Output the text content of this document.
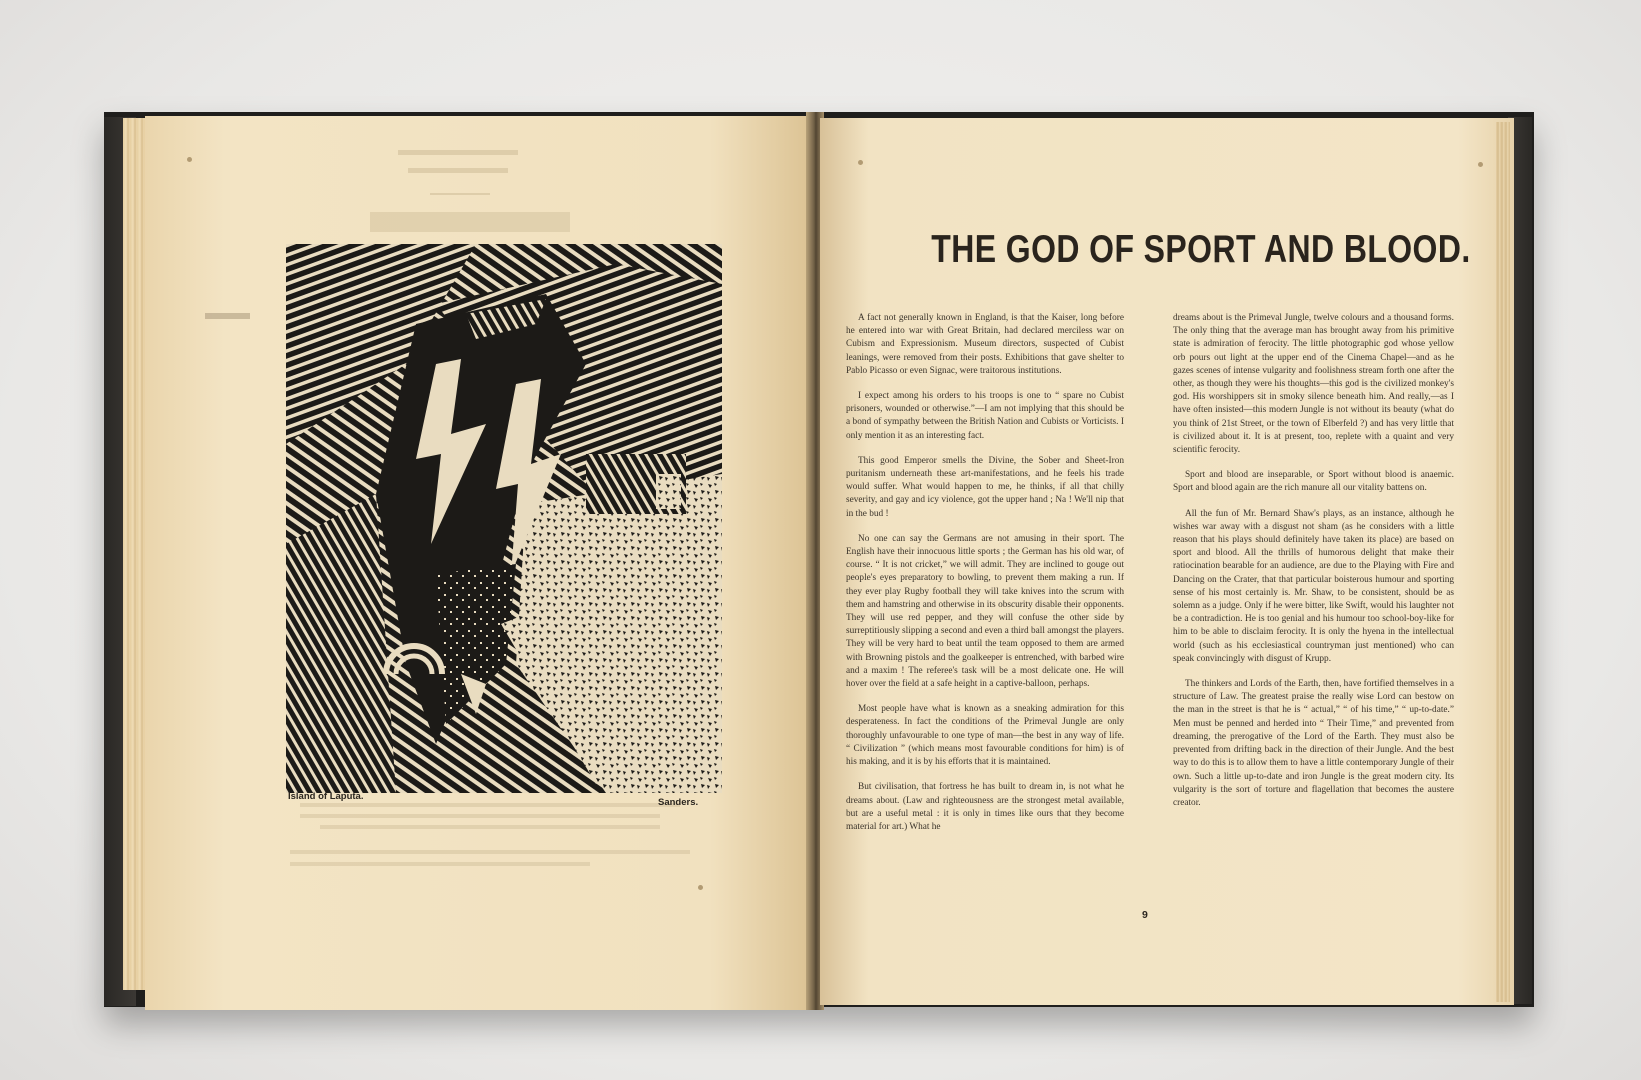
Island of Laputa.
Sanders.
THE GOD OF SPORT AND BLOOD.

A fact not generally known in England, is that the Kaiser, long before he entered into war with Great Britain, had declared merciless war on Cubism and Expressionism. Museum directors, suspected of Cubist leanings, were removed from their posts. Exhibitions that gave shelter to Pablo Picasso or even Signac, were traitorous institutions.

I expect among his orders to his troops is one to “ spare no Cubist prisoners, wounded or otherwise.”—I am not implying that this should be a bond of sympathy between the British Nation and Cubists or Vorticists. I only mention it as an interesting fact.

This good Emperor smells the Divine, the Sober and Sheet-Iron puritanism underneath these art-manifestations, and he feels his trade would suffer. What would happen to me, he thinks, if all that chilly severity, and gay and icy violence, got the upper hand ; Na ! We'll nip that in the bud !

No one can say the Germans are not amusing in their sport. The English have their innocuous little sports ; the German has his old war, of course. “ It is not cricket,” we will admit. They are inclined to gouge out people's eyes preparatory to bowling, to prevent them making a run. If they ever play Rugby football they will take knives into the scrum with them and hamstring and otherwise in its obscurity disable their opponents. They will use red pepper, and they will confuse the other side by surreptitiously slipping a second and even a third ball amongst the players. They will be very hard to beat until the team opposed to them are armed with Browning pistols and the goalkeeper is entrenched, with barbed wire and a maxim ! The referee's task will be a most delicate one. He will hover over the field at a safe height in a captive-balloon, perhaps.

Most people have what is known as a sneaking admiration for this desperateness. In fact the conditions of the Primeval Jungle are only thoroughly unfavourable to one type of man—the best in any way of life. “ Civilization ” (which means most favourable conditions for him) is of his making, and it is by his efforts that it is maintained.

But civilisation, that fortress he has built to dream in, is not what he dreams about. (Law and righteousness are the strongest metal available, but are a useful metal : it is only in times like ours that they become material for art.) What he

dreams about is the Primeval Jungle, twelve colours and a thousand forms. The only thing that the average man has brought away from his primitive state is admiration of ferocity. The little photographic god whose yellow orb pours out light at the upper end of the Cinema Chapel—and as he gazes scenes of intense vulgarity and foolishness stream forth one after the other, as though they were his thoughts—this god is the civilized monkey's god. His worshippers sit in smoky silence beneath him. And really,—as I have often insisted—this modern Jungle is not without its beauty (what do you think of 21st Street, or the town of Elberfeld ?) and has very little that is civilized about it. It is at present, too, replete with a quaint and very scientific ferocity.

Sport and blood are inseparable, or Sport without blood is anaemic. Sport and blood again are the rich manure all our vitality battens on.

All the fun of Mr. Bernard Shaw's plays, as an instance, although he wishes war away with a disgust not sham (as he considers with a little reason that his plays should definitely have taken its place) are based on sport and blood. All the thrills of humorous delight that make their ratiocination bearable for an audience, are due to the Playing with Fire and Dancing on the Crater, that that particular boisterous humour and sporting sense of his most certainly is. Mr. Shaw, to be consistent, should be as solemn as a judge. Only if he were bitter, like Swift, would his laughter not be a contradiction. He is too genial and his humour too school-boy-like for him to be able to disclaim ferocity. It is only the hyena in the intellectual world (such as his ecclesiastical countryman just mentioned) who can speak convincingly with disgust of Krupp.

The thinkers and Lords of the Earth, then, have fortified themselves in a structure of Law. The greatest praise the really wise Lord can bestow on the man in the street is that he is “ actual,” “ of his time,” “ up-to-date.” Men must be penned and herded into “ Their Time,” and prevented from dreaming, the prerogative of the Lord of the Earth. They must also be prevented from drifting back in the direction of their Jungle. And the best way to do this is to allow them to have a little contemporary Jungle of their own. Such a little up-to-date and iron Jungle is the great modern city. Its vulgarity is the sort of torture and flagellation that becomes the austere creator.

9
